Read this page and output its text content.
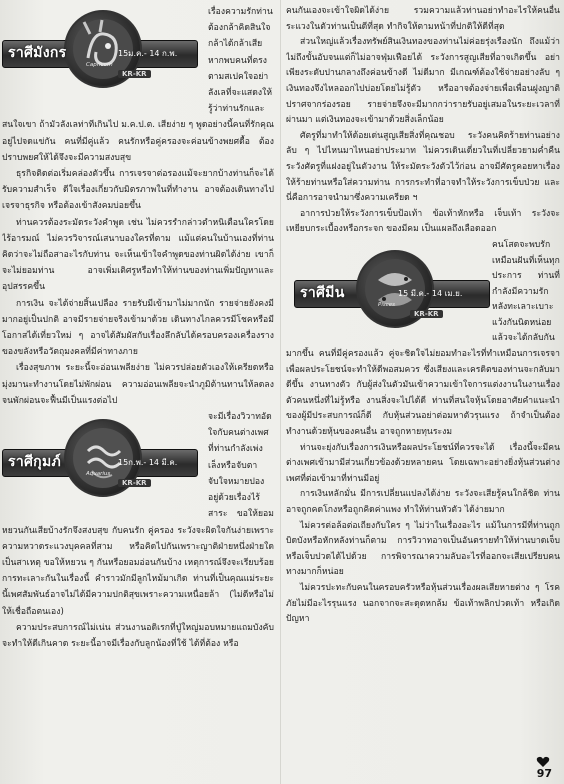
ราศีมังกร	15ม.ค.- 14 ก.พ.
Capricorn
KR-KR

เรื่องความรักท่านต้องกล้าคิดสินใจกล้าได้กล้าเสีย หากพบคนที่ตรงตามสเปคใจอย่าลังเลที่จะแสดงให้รู้ว่าท่านรักและสนใจเขา ถ้ามัวลังเลท่าทีเกินไป ม.ค.ป.ต. เสียง่าย ๆ พูดอย่างนี้คนที่รักคุณอยู่ไปจดแข่กัน คนที่มีคู่แล้ว คนรักหรือคู่ครองจะค่อนข้างพยศดื้อ ต้องปราบพยศให้ได้จึงจะมีความสงบสุข

ธุรกิจติดต่อเริ่มคล่องตัวขึ้น การเจรจาต่อรองแม้จะยากบ้างท่านก็จะได้รับความสำเร็จ ดีใจเรื่องเกี่ยวกับมิตรภาพในที่ทำงาน อาจต้องเดินทางไปเจรจาธุรกิจ หรือต้องเข้าสังคมบ่อยขึ้น

ท่านควรต้องระมัดระวังคำพูด เช่น ไม่ควรรำกล่าวตำหนิเตือนใครโดยไร้อารมณ์ ไม่ควรวิจารณ์เสนาบองใครที่ตาม แม้แต่คนในบ้านเองที่ท่านคิดว่าจะไม่ถือสาอะไรกับท่าน จะเห็นเข้าใจคำพูดของท่านผิดได้ง่าย เขาก็จะไม่ยอมท่าน อาจเพิ่มเติศรูหรือทำให้ท่านของท่านเพิ่มปัญหาและอุปสรรคขึ้น

การเงิน จะได้จ่ายสิ้นเปลือง รายรับมีเข้ามาไม่มากนัก รายจ่ายยังคงมีมากอยู่เป็นปกติ อาจมีรายจ่ายจริงเข้ามาด้วย เดินทางไกลควรมีโชคหรือมีโอกาสได้เที่ยวใหม่ ๆ อาจได้สัมผัสกับเรื่องลึกลับได้ครอบครองเครื่องรางของขลังหรือวัตถุมงคลที่มีค่าทางภาย

เรื่องสุขภาพ ระยะนี้จะอ่อนเพลียง่าย ไม่ควรปล่อยตัวเองให้เครียดหรือมุ่งมานะทำงานโดยไม่พักผ่อน ความอ่อนเพลียจะนำภูมิต้านทานให้ลดลงจนพักผ่อนจะฟื้นมีเป็นแรงต่อไป

ราศีกุมภ์	15ก.พ.- 14 มี.ค.
Aquarius
KR-KR

จะมีเรื่องวิวาทอัดใจกับคนต่างเพศที่ท่านกำลังเพ่งเล็งหรือจับตาจับใจหมายปองอยู่ด้วยเรื่องไร้สาระ ขอให้ยอมหยวนกันเสียบ้างรักจึงสงบสุข กับคนรัก คู่ครอง ระวังจะผิดใจกันง่ายเพราะความหวาดระแวงบุคคลที่สาม หรือคิดไปกันเพราะญาติฝ่ายหนึ่งฝ่ายใดเป็นสาเหตุ ขอให้หยวน ๆ กันหรือยอมอ่อนกันบ้าง เหตุการณ์จึงจะเรียบร้อย การทะเลาะกันในเรื่องนี้ คำราวมักมีลูกไหม้มาเกิด ท่านที่เป็นคุณแม่ระยะนี้เพศสัมพันธ์อาจไม่ได้มีความปกติสุขเพราะความเหนื่อยล้า (ไม่ดีหรือไม่ ให้เชื่อถือตนเอง)

ความประสบการณ์ไม่เน่น ส่วนงานอดิเรกที่ปู่ใหญ่มอบหมายแถมบังคับจะทำให้ดีเกินคาด ระยะนี้อาจมีเรื่องกับลูกน้องที่ใช้ ได้ที่ต้อง หรือ

คนกันเองจะเข้าใจผิดได้ง่าย รวมความแล้วท่านอย่าทำอะไรให้คนอื่นระแวงในตัวท่านเป็นดีที่สุด ทำกิจให้ตามหน้าที่ปกติให้ดีที่สุด

ส่วนใหญ่แล้วเรื่องทรัพย์สินเงินทองของท่านไม่ค่อยรุ่งเรืองนัก ถึงแม้ว่าไม่ถึงขั้นอับจนแต่ก็ไม่อาจฟุ่มเฟือยได้ ระวังการสูญเสียที่อาจเกิดขึ้น อย่าเพียงระดับปานกลางถึงค่อนข้างดี ไม่ดีมาก มีเกณฑ์ต้องใช้จ่ายอย่างลับ ๆ เงินทองจึงไหลออกไปบ่อยโดยไม่รู้ตัว หรืออาจต้องจ่ายเพื่อเพื่อนฝูงญาติปราศจากร่องรอย รายจ่ายจึงจะมีมากกว่ารายรับอยู่เสมอในระยะเวลาที่ผ่านมา แต่เงินทองจะเข้ามาด้วยสิ่งเล็กน้อย

ศัตรูที่มาทำให้ด้อยเด่นสูญเสียสิ่งที่คุณชอบ ระวังคนคิดร้ายท่านอย่างลับ ๆ ไปไหนมาไหนอย่าประมาท ไม่ควรเดินเดี่ยวในที่เปลี่ยวยามค่ำคืน ระวังศัตรูที่แฝงอยู่ในตัวงาน ให้ระมัดระวังตัวไว้ก่อน อาจมีศัตรูคอยหาเรื่องให้ร้ายท่านหรือใส่ความท่าน การกระทำที่อาจทำให้ระวังการเข็บป่วย และนี่คือการอาจนำมาซึ่งความเครียด ฯ

อาการป่วยให้ระวังการเข็บป้อเท้า ข้อเท้าหักหรือ เจ็บเท้า ระวังจะเหยียบกระเบื้องหรือกระจก ของมีคม เป็นแผลถึงเลือดออก

ราศีมีน	15 มี.ค.- 14 เม.ย.
Pisces
KR-KR

คนโสดจะพบรักเหมือนฝันที่เห็นทุกประการ ท่านที่กำลังมีความรักหลังทะเลาะเบาะแว้งกันนิดหน่อยแล้วจะได้กลับกันมากขึ้น คนที่มีคู่ครองแล้ว คู่จะชิดใจไม่ยอมทำอะไรที่ทำเหมือนการเจรจาเพื่อผลประโยชน์จะทำให้ดีพอสมควร ซึ่งเสียงและเครดิตของท่านจะกลับมาดีขึ้น งานทางตัว กับผู้ส่งในตัวมันเข้าความเข้าใจการแต่งงานในงานเรื่อง ตัวคนหนึ่งที่ไม่รู้หรือ งานสิ่งจะไปได้ดี ท่านที่สนใจหุ้นโดยอาศัยคำแนะนำของผู้มีประสบการณ์ก็ดี กับหุ้นส่วนอย่าต่อมหาตัวรุนแรง ถ้าจำเป็นต้องทำงานด้วยหุ้นของคนอื่น อาจถูกหายทุนระงม

ท่านจะยุ่งกับเรื่องการเงินหรือผลประโยชน์ที่ควรจะได้ เรื่องนี้จะมีคนต่างเพศเข้ามามีส่วนเกี่ยวข้องด้วยหลายคน โดยเฉพาะอย่างยิ่งหุ้นส่วนต่างเพศที่ต่อเข้ามาที่ท่านมีอยู่

การเงินหลักมั่น มีการเปลี่ยนแปลงได้ง่าย ระวังจะเสียรู้คนใกล้ชิด ท่านอาจถูกคดโกงหรือถูกคิดค่าแพง ทำให้ท่านหัวตัว ได้ง่ายมาก

ไม่ควรต่อล้อต่อเถียงกับใคร ๆ ไม่ว่าในเรื่องอะไร แม้ในการมีที่ท่านถูกบิดบังหรือหักหลังท่านก็ตาม การวิวาทอาจเป็นอันตรายทำให้ท่านบาดเจ็บ หรือเจ็บปวดได้ไปด้วย การพิจารณาความลับอะไรที่ออกจะเสียเปรียบคนทางมากก็หน่อย

ไม่ควรปะทะกับคนในครอบครัวหรือหุ้นส่วนเรื่องผลเสียหายต่าง ๆ โรคภัยไม่มีอะไรรุนแรง นอกจากจะสะดุดหกล้ม ข้อเท้าพลิกปวดเท้า หรือเกิดปัญหา

97
